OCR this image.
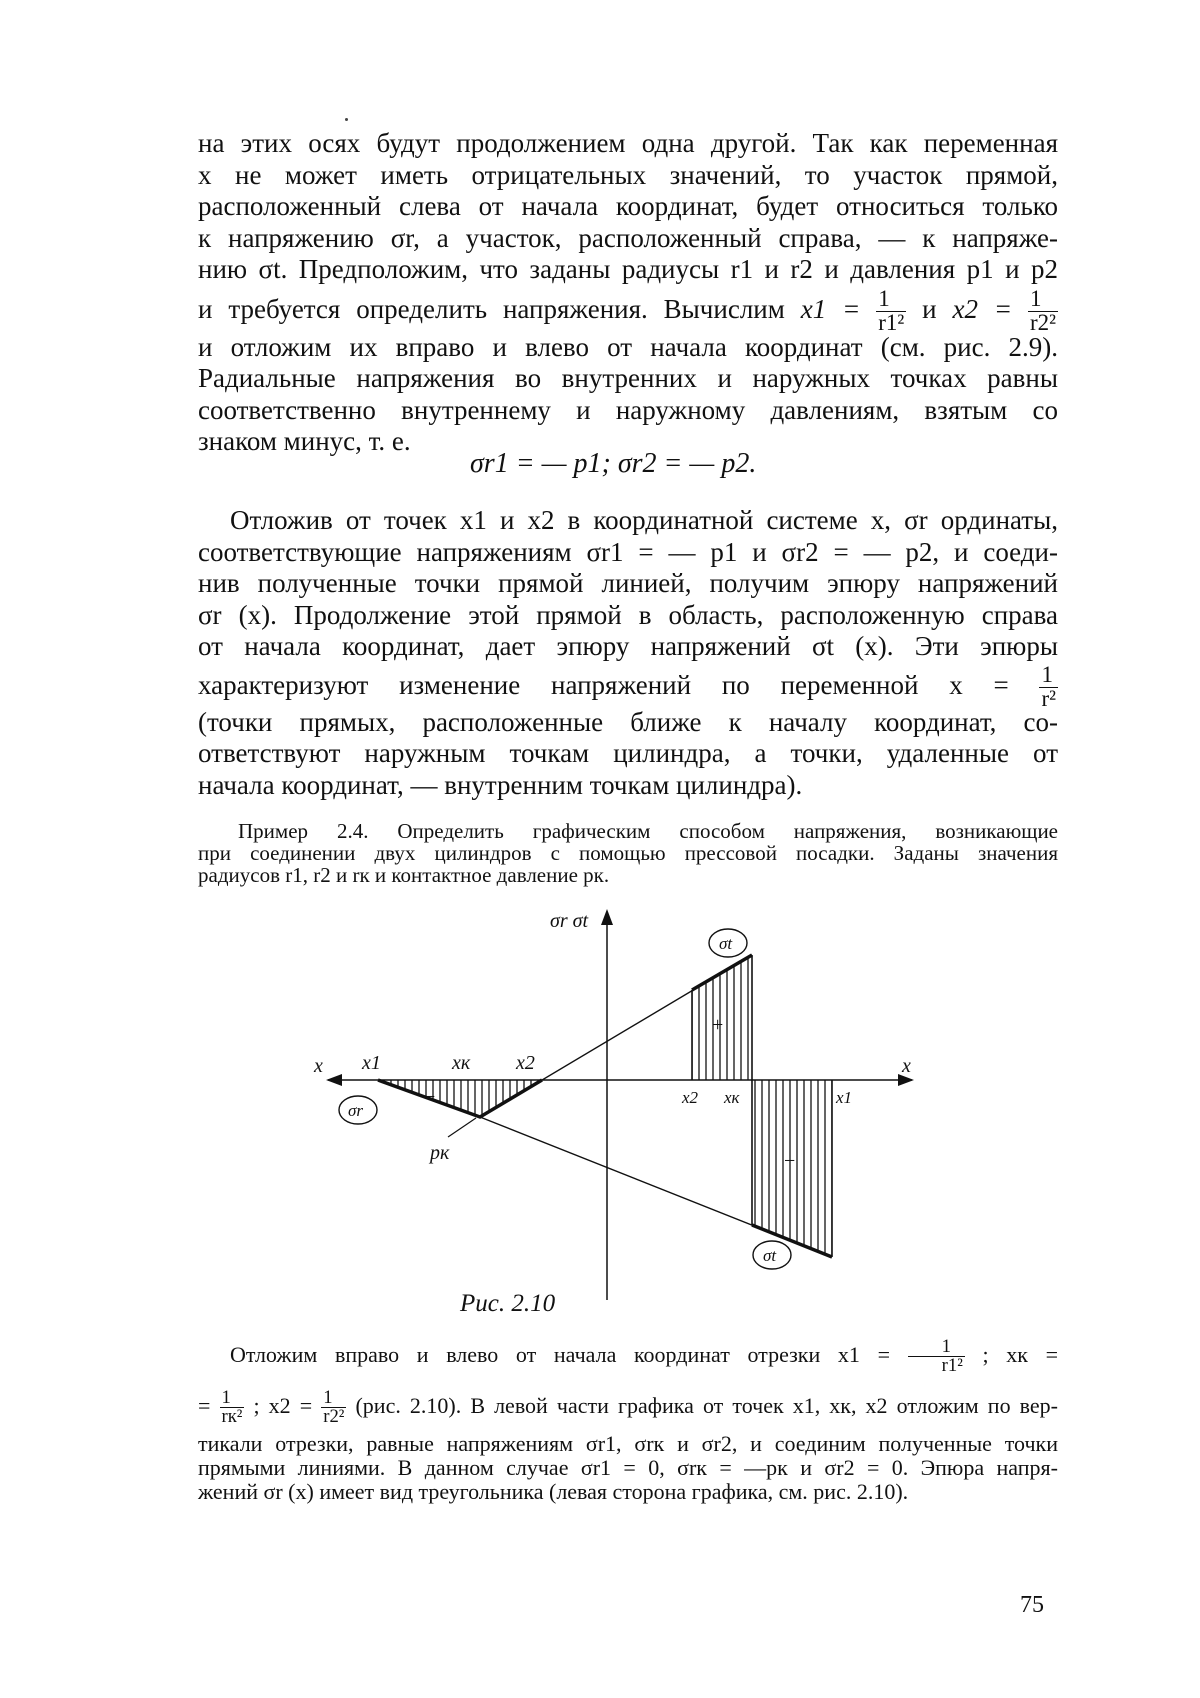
на этих осях будут продолжением одна другой. Так как переменная
x не может иметь отрицательных значений, то участок прямой,
расположенный слева от начала координат, будет относиться только
к напряжению σr, а участок, расположенный справа, — к напряже-
нию σt. Предположим, что заданы радиусы r1 и r2 и давления p1 и p2
и требуется определить напряжения. Вычислим $x1 = \frac{1}{\text{r1²}}$ и $x2 = \frac{1}{\text{r2²}}$
и отложим их вправо и влево от начала координат (см. рис. 2.9).
Радиальные напряжения во внутренних и наружных точках равны
соответственно внутреннему и наружному давлениям, взятым со
знаком минус, т. е.

σr1 = — p1; σr2 = — p2.

Отложив от точек x1 и x2 в координатной системе x, σr ординаты,
соответствующие напряжениям σr1 = — p1 и σr2 = — p2, и соеди-
нив полученные точки прямой линией, получим эпюру напряжений
σr (x). Продолжение этой прямой в область, расположенную справа
от начала координат, дает эпюру напряжений σt (x). Эти эпюры
характеризуют изменение напряжений по переменной $x = \frac{1}{\text{r²}}$
(точки прямых, расположенные ближе к началу координат, со-
ответствуют наружным точкам цилиндра, а точки, удаленные от
начала координат, — внутренним точкам цилиндра).

Пример 2.4. Определить графическим способом напряжения, возникающие
при соединении двух цилиндров с помощью прессовой посадки. Заданы значения
радиусов r1, r2 и rк и контактное давление pк.

x	x
σr σt
x1	xк x2
x2 xк	x1
σr
σt
σt
pк
−
+
−
Рис. 2.10

Отложим вправо и влево от начала координат отрезки $x1 = \frac{1}{\text{r1²}}$ ; xк =
= $\frac{1}{\text{rк²}}$ ; $x2 = \frac{1}{\text{r2²}} (рис$. 2.10). В левой части графика от точек x1, xк, x2 отложим по вер-
тикали отрезки, равные напряжениям σr1, σrк и σr2, и соединим полученные точки
прямыми линиями. В данном случае σr1 = 0, σrк = —pк и σr2 = 0. Эпюра напря-
жений σr (x) имеет вид треугольника (левая сторона графика, см. рис. 2.10).

75
